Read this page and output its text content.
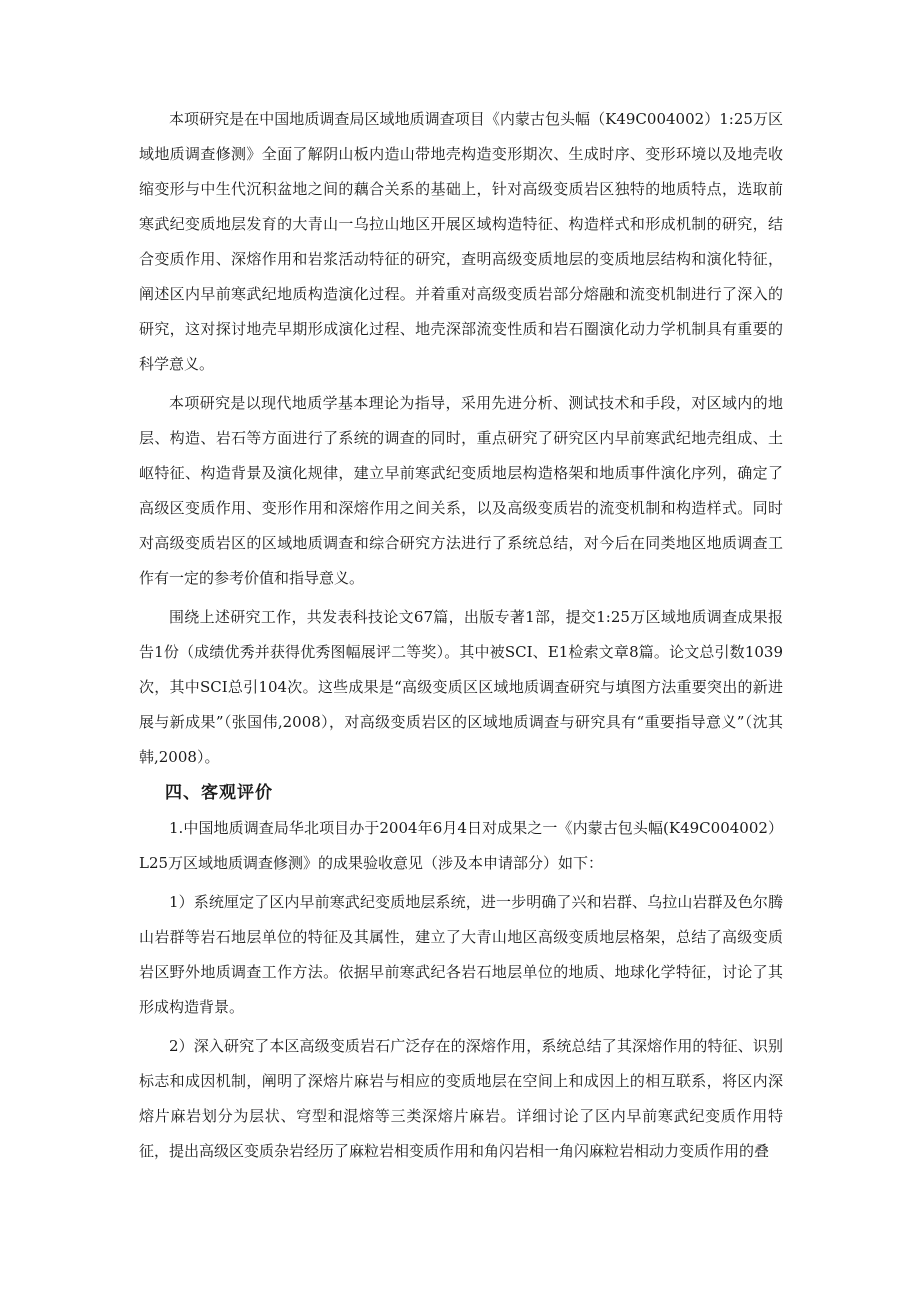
本项研究是在中国地质调查局区域地质调查项目《内蒙古包头幅（K49C004002）1:25万区域地质调查修测》全面了解阴山板内造山带地壳构造变形期次、生成时序、变形环境以及地壳收缩变形与中生代沉积盆地之间的藕合关系的基础上，针对高级变质岩区独特的地质特点，选取前寒武纪变质地层发育的大青山一乌拉山地区开展区域构造特征、构造样式和形成机制的研究，结合变质作用、深熔作用和岩浆活动特征的研究，查明高级变质地层的变质地层结构和演化特征，阐述区内早前寒武纪地质构造演化过程。并着重对高级变质岩部分熔融和流变机制进行了深入的研究，这对探讨地壳早期形成演化过程、地壳深部流变性质和岩石圈演化动力学机制具有重要的科学意义。

本项研究是以现代地质学基本理论为指导，采用先进分析、测试技术和手段，对区域内的地层、构造、岩石等方面进行了系统的调查的同时，重点研究了研究区内早前寒武纪地壳组成、土岖特征、构造背景及演化规律，建立早前寒武纪变质地层构造格架和地质事件演化序列，确定了高级区变质作用、变形作用和深熔作用之间关系，以及高级变质岩的流变机制和构造样式。同时对高级变质岩区的区域地质调查和综合研究方法进行了系统总结，对今后在同类地区地质调查工作有一定的参考价值和指导意义。

围绕上述研究工作，共发表科技论文67篇，出版专著1部，提交1:25万区域地质调查成果报告1份（成绩优秀并获得优秀图幅展评二等奖）。其中被SCI、E1检索文章8篇。论文总引数1039次，其中SCI总引104次。这些成果是“高级变质区区域地质调查研究与填图方法重要突出的新进展与新成果”（张国伟,2008），对高级变质岩区的区域地质调查与研究具有“重要指导意义”（沈其韩,2008）。

四、客观评价

1.中国地质调查局华北项目办于2004年6月4日对成果之一《内蒙古包头幅(K49C004002）L25万区域地质调查修测》的成果验收意见（涉及本申请部分）如下：

1）系统厘定了区内早前寒武纪变质地层系统，进一步明确了兴和岩群、乌拉山岩群及色尔腾山岩群等岩石地层单位的特征及其属性，建立了大青山地区高级变质地层格架，总结了高级变质岩区野外地质调查工作方法。依据早前寒武纪各岩石地层单位的地质、地球化学特征，讨论了其形成构造背景。

2）深入研究了本区高级变质岩石广泛存在的深熔作用，系统总结了其深熔作用的特征、识别标志和成因机制，阐明了深熔片麻岩与相应的变质地层在空间上和成因上的相互联系，将区内深熔片麻岩划分为层状、穹型和混熔等三类深熔片麻岩。详细讨论了区内早前寒武纪变质作用特征，提出高级区变质杂岩经历了麻粒岩相变质作用和角闪岩相一角闪麻粒岩相动力变质作用的叠
